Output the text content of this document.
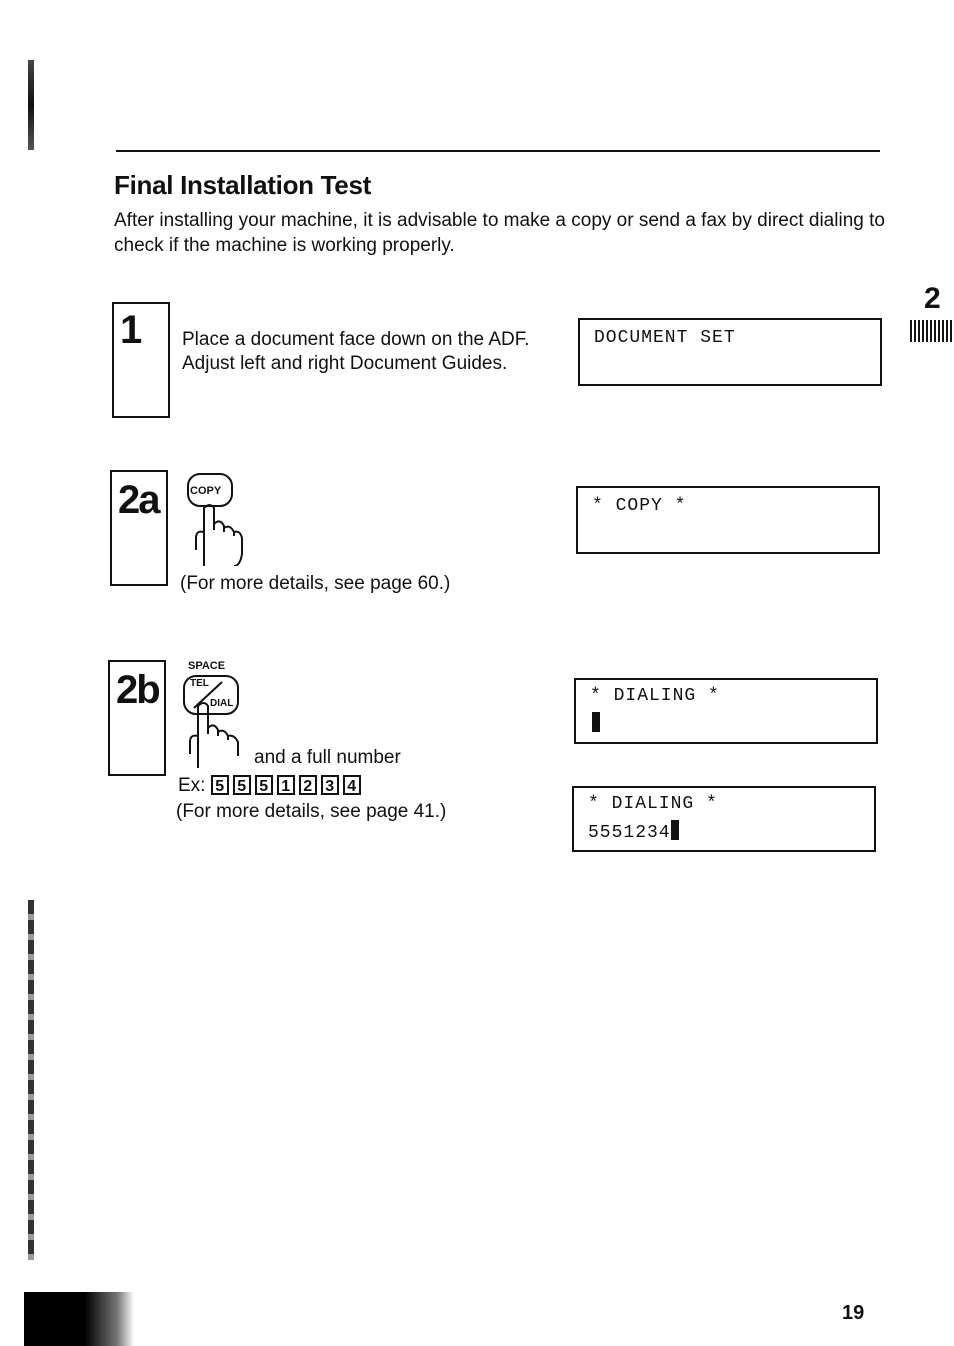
Final Installation Test
After installing your machine, it is advisable to make a copy or send a fax by direct dialing to check if the machine is working properly.
2
1 Place a document face down on the ADF. Adjust left and right Document Guides.
DOCUMENT SET
2a	COPY
(For more details, see page 60.)
* COPY *
2b
SPACE
TEL
DIAL
and a full number
Ex: 5 5 5 1 2 3 4
(For more details, see page 41.)
* DIALING *
* DIALING *
5551234
19
